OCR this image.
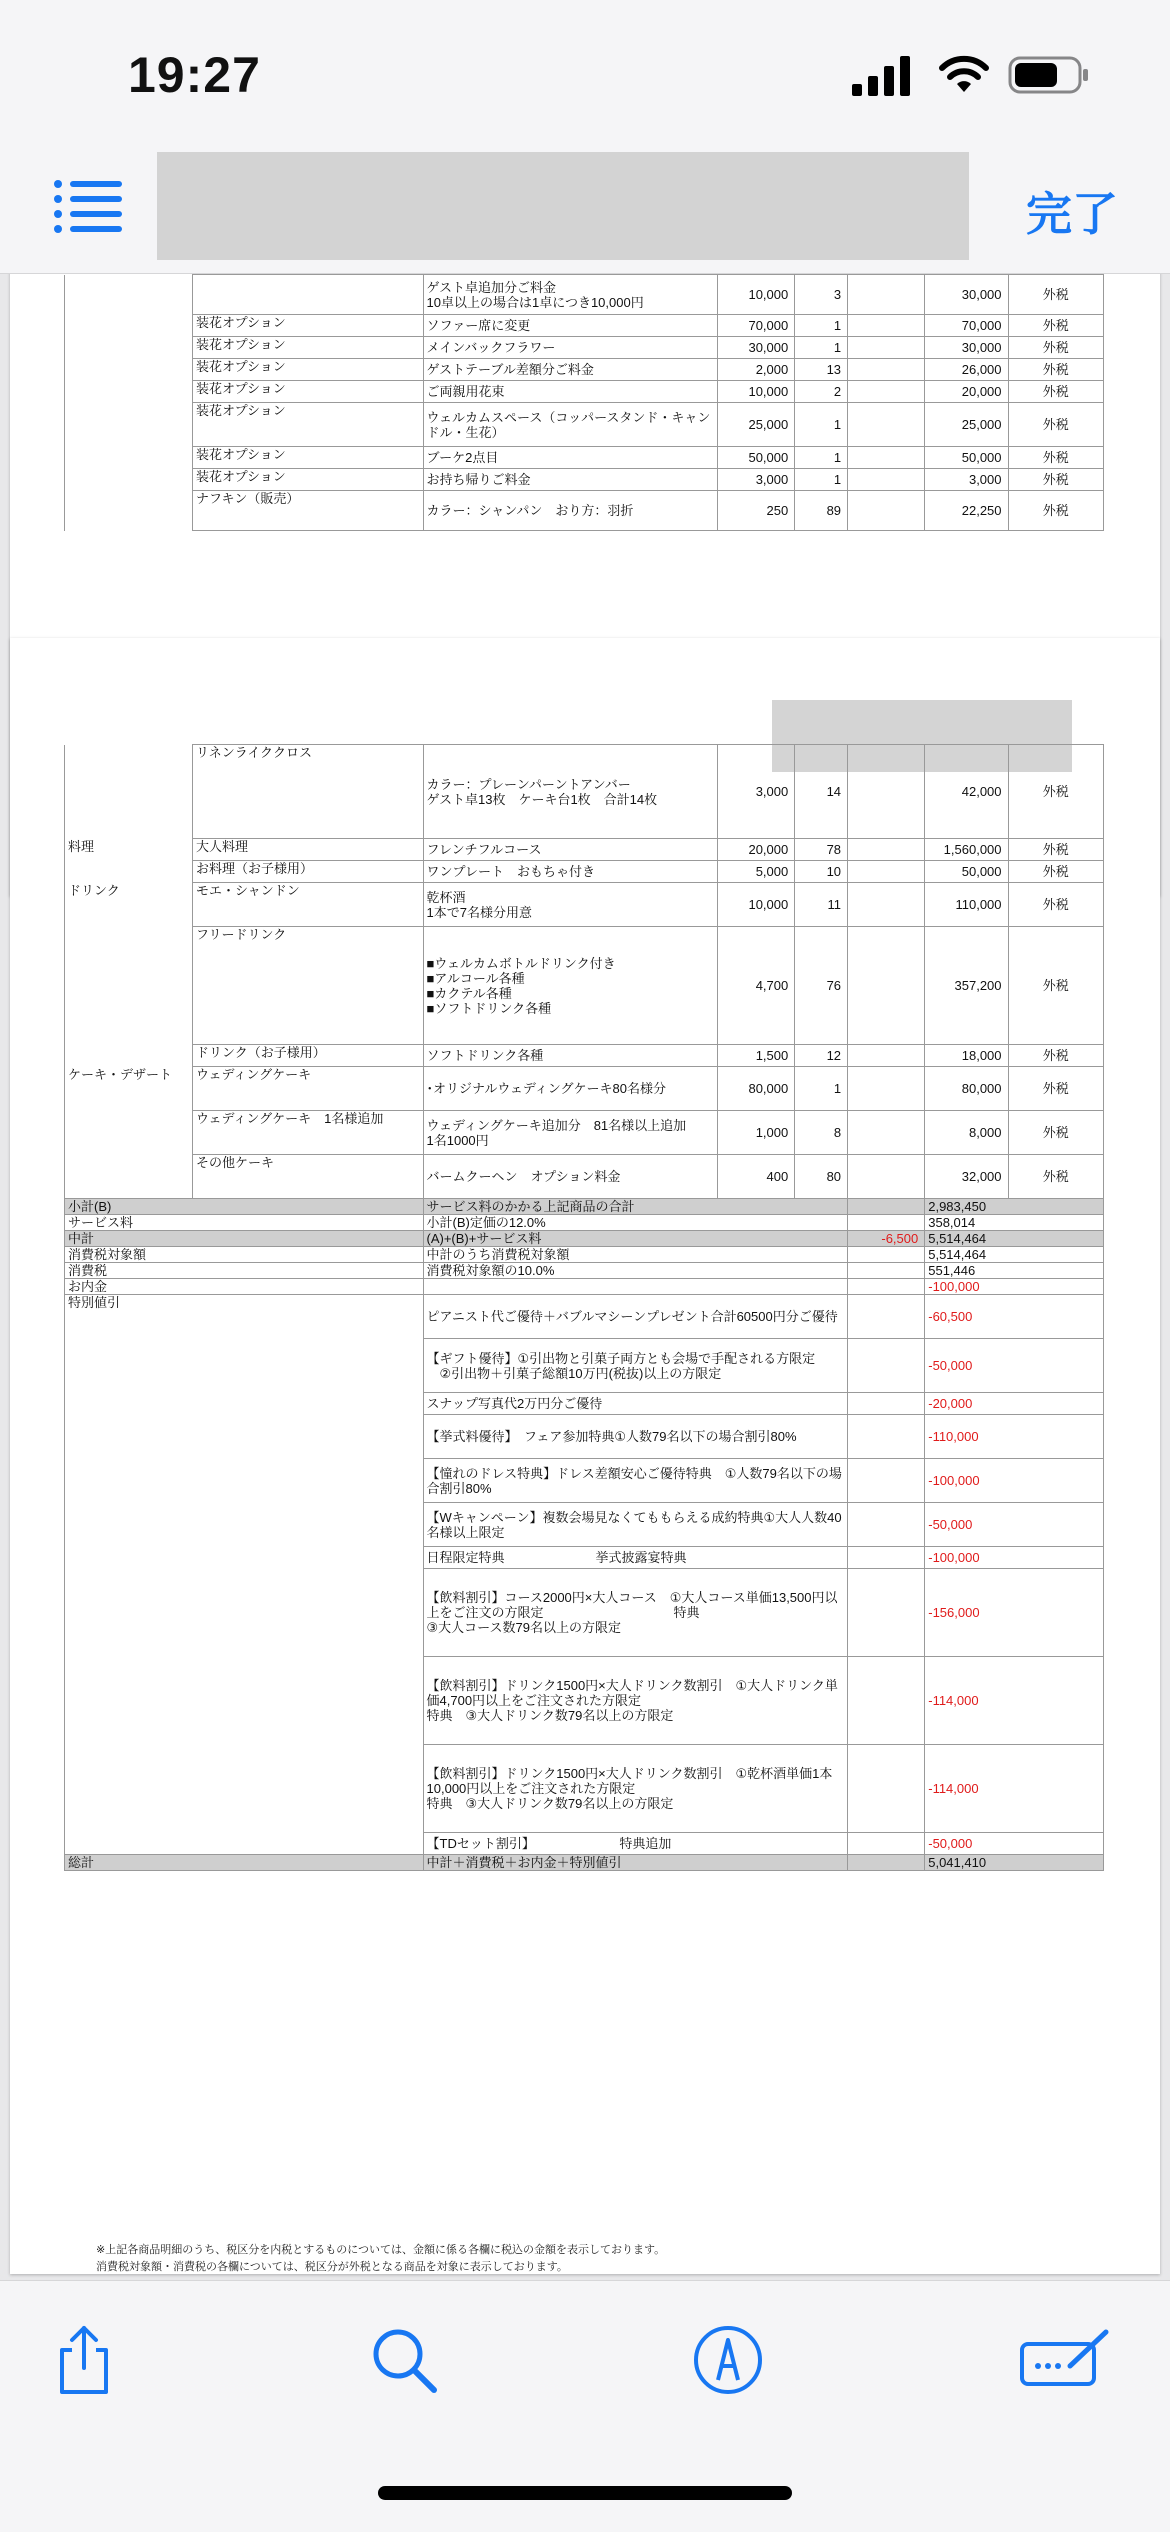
19:27
完了
		ゲスト卓追加分ご料金
10卓以上の場合は1卓につき10,000円	10,000	3		30,000	外税
	装花オプション	ソファー席に変更	70,000	1		70,000	外税
	装花オプション	メインバックフラワー	30,000	1		30,000	外税
	装花オプション	ゲストテーブル差額分ご料金	2,000	13		26,000	外税
	装花オプション	ご両親用花束	10,000	2		20,000	外税
	装花オプション	ウェルカムスペース（コッパースタンド・キャンドル・生花）	25,000	1		25,000	外税
	装花オプション	ブーケ2点目	50,000	1		50,000	外税
	装花オプション	お持ち帰りご料金	3,000	1		3,000	外税
	ナフキン（販売）	カラー：シャンパン　おり方：羽折	250	89		22,250	外税
	リネンライククロス	カラー：プレーンパーントアンバー
ゲスト卓13枚　ケーキ台1枚　合計14枚	3,000	14		42,000	外税
料理	大人料理	フレンチフルコース	20,000	78		1,560,000	外税
	お料理（お子様用）	ワンプレート　おもちゃ付き	5,000	10		50,000	外税
ドリンク	モエ・シャンドン	乾杯酒
1本で7名様分用意	10,000	11		110,000	外税
	フリードリンク	■ウェルカムボトルドリンク付き
■アルコール各種
■カクテル各種
■ソフトドリンク各種	4,700	76		357,200	外税
	ドリンク（お子様用）	ソフトドリンク各種	1,500	12		18,000	外税
ケーキ・デザート	ウェディングケーキ	･オリジナルウェディングケーキ80名様分	80,000	1		80,000	外税
	ウェディングケーキ　1名様追加	ウェディングケーキ追加分　81名様以上追加
1名1000円	1,000	8		8,000	外税
	その他ケーキ	バームクーヘン　オプション料金	400	80		32,000	外税
小計(B)		サービス料のかかる上記商品の合計				2,983,450	
サービス料		小計(B)定価の12.0%				358,014	
中計		(A)+(B)+サービス料			-6,500	5,514,464	
消費税対象額		中計のうち消費税対象額				5,514,464	
消費税		消費税対象額の10.0%				551,446	
お内金						-100,000	
特別値引		ピアニスト代ご優待＋バブルマシーンプレゼント合計60500円分ご優待				-60,500	
		【ギフト優待】①引出物と引菓子両方とも会場で手配される方限定
　②引出物＋引菓子総額10万円(税抜)以上の方限定				-50,000	
		スナップ写真代2万円分ご優待				-20,000	
		【挙式料優待】　フェア参加特典①人数79名以下の場合割引80%				-110,000	
		【憧れのドレス特典】ドレス差額安心ご優待特典　①人数79名以下の場合割引80%				-100,000	
		【Wキャンペーン】複数会場見なくてももらえる成約特典①大人人数40名様以上限定				-50,000	
		日程限定特典　　　　　　　挙式披露宴特典				-100,000	
		【飲料割引】コース2000円×大人コース　①大人コース単価13,500円以上をご注文の方限定　　　　　　　　　　特典
③大人コース数79名以上の方限定				-156,000	
		【飲料割引】ドリンク1500円×大人ドリンク数割引　①大人ドリンク単価4,700円以上をご注文された方限定
特典　③大人ドリンク数79名以上の方限定				-114,000	
		【飲料割引】ドリンク1500円×大人ドリンク数割引　①乾杯酒単価1本10,000円以上をご注文された方限定
特典　③大人ドリンク数79名以上の方限定				-114,000	
		【TDセット割引】　　　　　　　特典追加				-50,000	
総計		中計＋消費税＋お内金＋特別値引				5,041,410	
※上記各商品明細のうち、税区分を内税とするものについては、金額に係る各欄に税込の金額を表示しております。
消費税対象額・消費税の各欄については、税区分が外税となる商品を対象に表示しております。
